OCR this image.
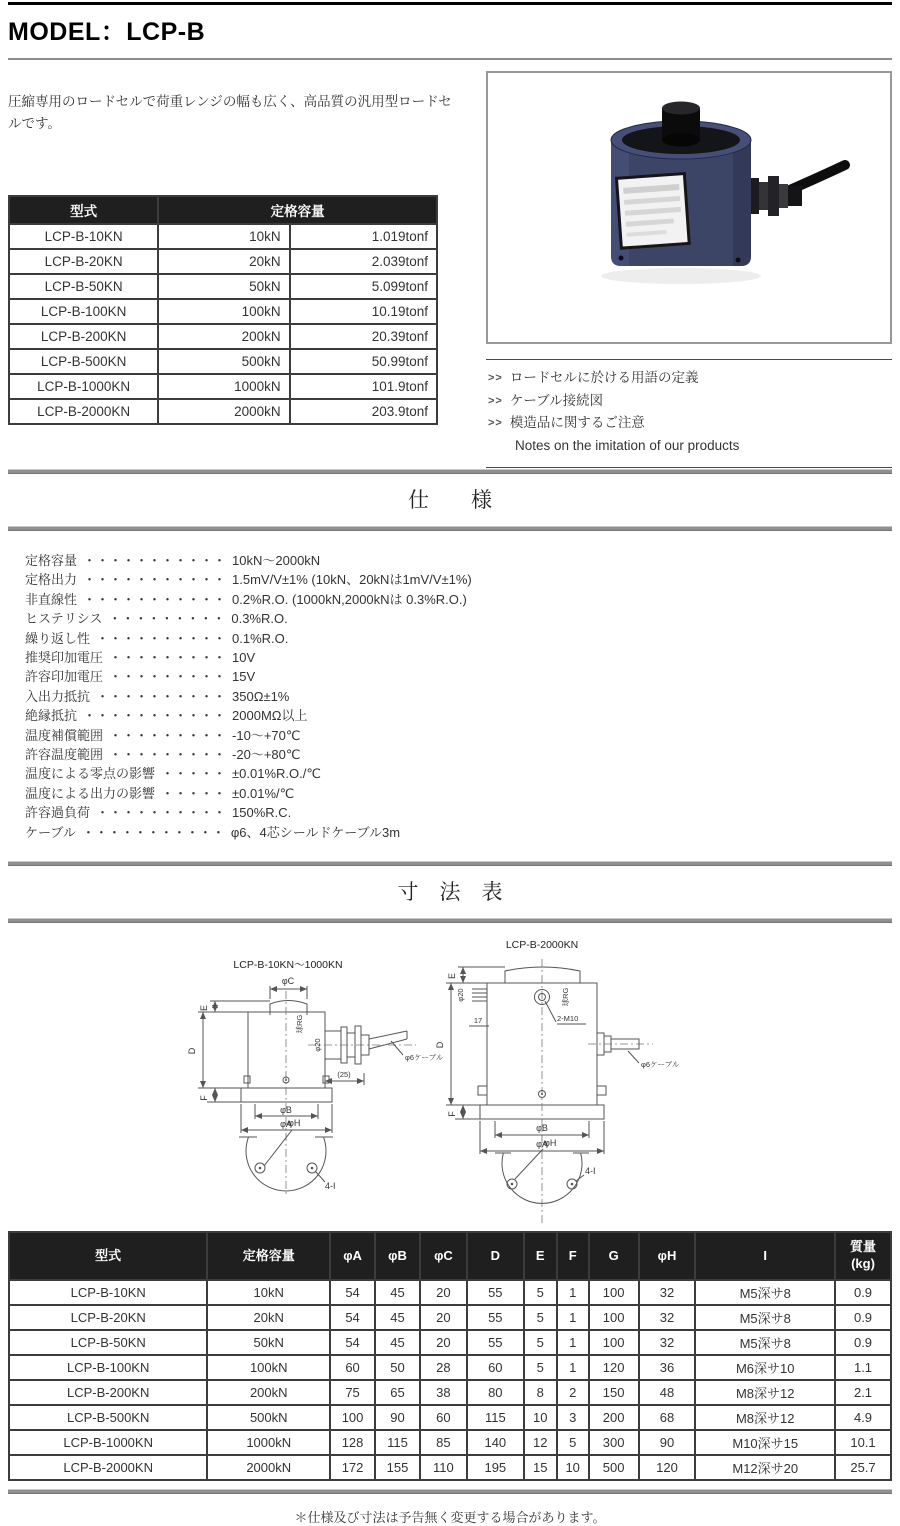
MODEL：LCP-B

圧縮専用のロードセルで荷重レンジの幅も広く、高品質の汎用型ロードセルです。

型式	定格容量	
LCP-B-10KN	10kN	1.019tonf
LCP-B-20KN	20kN	2.039tonf
LCP-B-50KN	50kN	5.099tonf
LCP-B-100KN	100kN	10.19tonf
LCP-B-200KN	200kN	20.39tonf
LCP-B-500KN	500kN	50.99tonf
LCP-B-1000KN	1000kN	101.9tonf
LCP-B-2000KN	2000kN	203.9tonf
>> ロードセルに於ける用語の定義
>> ケーブル接続図
>> 模造品に関するご注意
Notes on the imitation of our products
仕　　様
定格容量 ・・・・・・・・・・・ 10kN～2000kN
定格出力 ・・・・・・・・・・・ 1.5mV/V±1% (10kN、20kNは1mV/V±1%)
非直線性 ・・・・・・・・・・・ 0.2%R.O. (1000kN,2000kNは 0.3%R.O.)
ヒステリシス ・・・・・・・・・ 0.3%R.O.
繰り返し性 ・・・・・・・・・・ 0.1%R.O.
推奨印加電圧 ・・・・・・・・・ 10V
許容印加電圧 ・・・・・・・・・ 15V
入出力抵抗 ・・・・・・・・・・ 350Ω±1%
絶縁抵抗 ・・・・・・・・・・・ 2000MΩ以上
温度補償範囲 ・・・・・・・・・ -10～+70℃
許容温度範囲 ・・・・・・・・・ -20～+80℃
温度による零点の影響 ・・・・・ ±0.01%R.O./℃
温度による出力の影響 ・・・・・ ±0.01%/℃
許容過負荷 ・・・・・・・・・・ 150%R.C.
ケーブル ・・・・・・・・・・・ φ6、4芯シールドケーブル3m
寸　法　表
LCP-B-10KN～1000KN
φ6ケーブル
φC
E
D
F
φB
φA
球RG
φ20
(25)
φH
4-I
LCP-B-2000KN
2-M10
球RG
φ20
17
E
D
F
φ6ケーブル
φB
φA
φH
4-I
型式	定格容量	φA	φB	φC	D	E	F	G	φH	I	質量
(kg)

LCP-B-10KN	10kN	54	45	20	55	5	1	100	32	M5深サ8	0.9
LCP-B-20KN	20kN	54	45	20	55	5	1	100	32	M5深サ8	0.9
LCP-B-50KN	50kN	54	45	20	55	5	1	100	32	M5深サ8	0.9
LCP-B-100KN	100kN	60	50	28	60	5	1	120	36	M6深サ10	1.1
LCP-B-200KN	200kN	75	65	38	80	8	2	150	48	M8深サ12	2.1
LCP-B-500KN	500kN	100	90	60	115	10	3	200	68	M8深サ12	4.9
LCP-B-1000KN	1000kN	128	115	85	140	12	5	300	90	M10深サ15	10.1
LCP-B-2000KN	2000kN	172	155	110	195	15	10	500	120	M12深サ20	25.7
＊仕様及び寸法は予告無く変更する場合があります。
